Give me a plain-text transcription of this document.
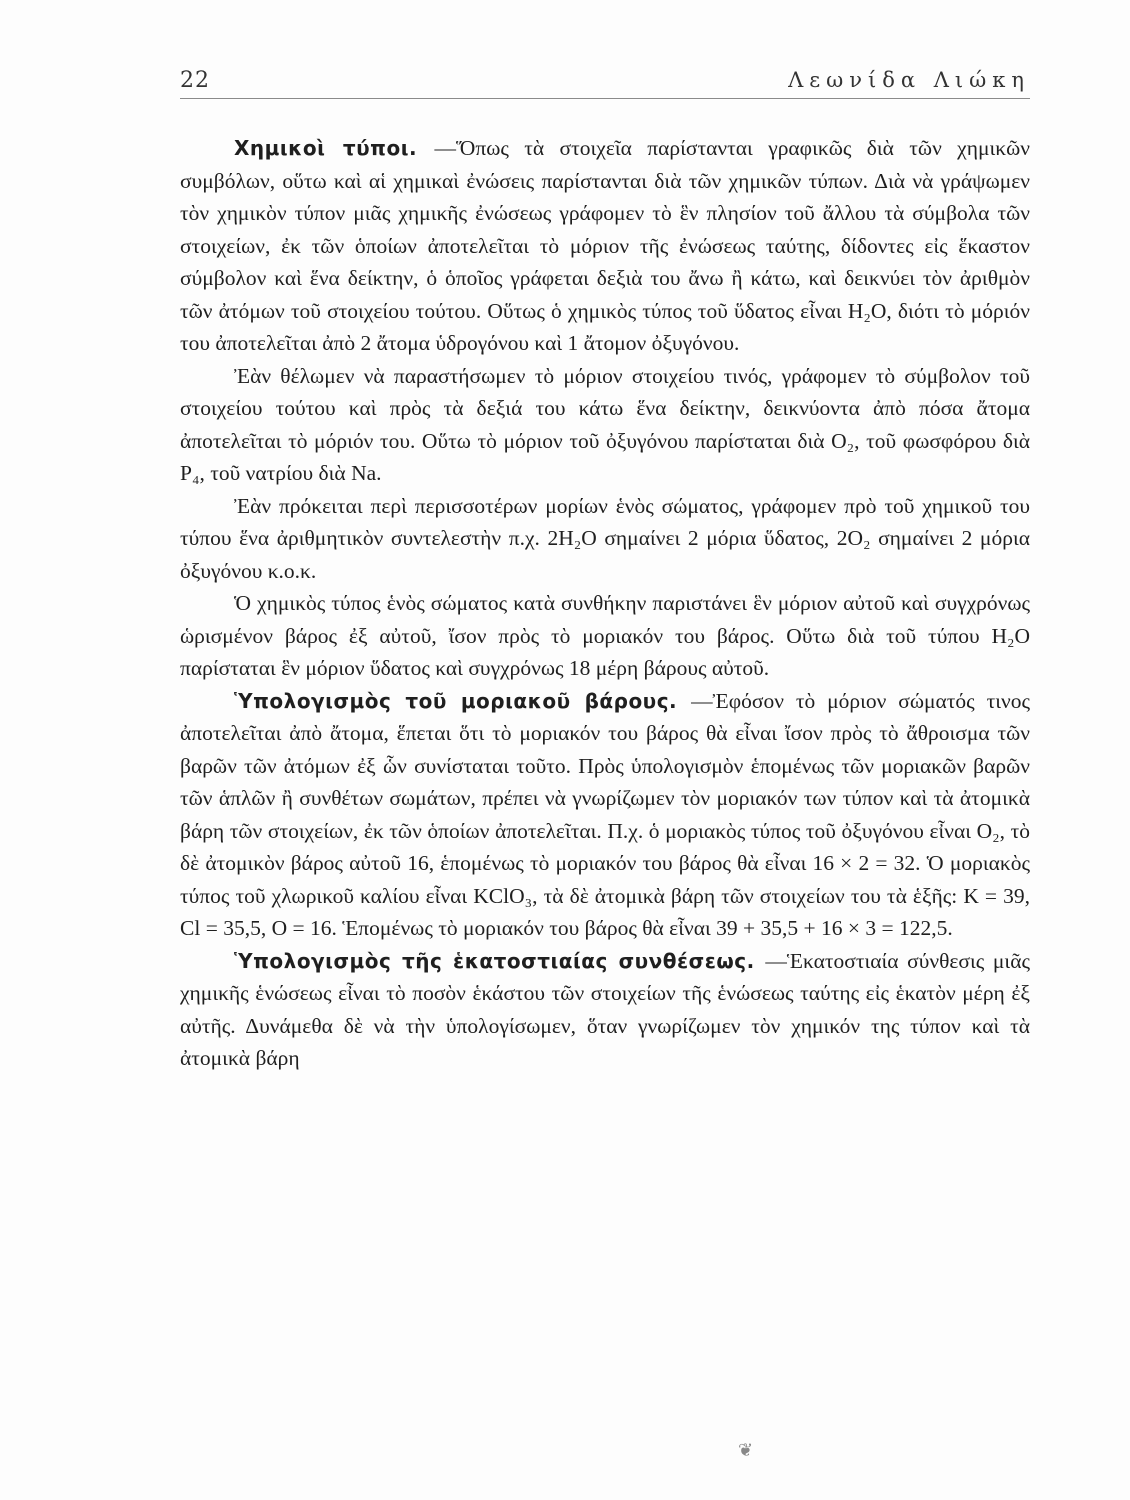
22	Λεωνίδα Λιώκη

Χημικοὶ τύποι. —Ὅπως τὰ στοιχεῖα παρίστανται γραφικῶς διὰ τῶν χημικῶν συμβόλων, οὕτω καὶ αἱ χημικαὶ ἐνώσεις παρίστανται διὰ τῶν χημικῶν τύπων. Διὰ νὰ γράψωμεν τὸν χημικὸν τύπον μιᾶς χημικῆς ἐνώσεως γράφομεν τὸ ἓν πλησίον τοῦ ἄλλου τὰ σύμβολα τῶν στοιχείων, ἐκ τῶν ὁποίων ἀποτελεῖται τὸ μόριον τῆς ἐνώσεως ταύτης, δίδοντες εἰς ἕκαστον σύμβολον καὶ ἕνα δείκτην, ὁ ὁποῖος γράφεται δεξιὰ του ἄνω ἢ κάτω, καὶ δεικνύει τὸν ἀριθμὸν τῶν ἀτόμων τοῦ στοιχείου τούτου. Οὕτως ὁ χημικὸς τύπος τοῦ ὕδατος εἶναι H₂O, διότι τὸ μόριόν του ἀποτελεῖται ἀπὸ 2 ἄτομα ὑδρογόνου καὶ 1 ἄτομον ὀξυγόνου.

Ἐὰν θέλωμεν νὰ παραστήσωμεν τὸ μόριον στοιχείου τινός, γράφομεν τὸ σύμβολον τοῦ στοιχείου τούτου καὶ πρὸς τὰ δεξιά του κάτω ἕνα δείκτην, δεικνύοντα ἀπὸ πόσα ἄτομα ἀποτελεῖται τὸ μόριόν του. Οὕτω τὸ μόριον τοῦ ὀξυγόνου παρίσταται διὰ O₂, τοῦ φωσφόρου διὰ P₄, τοῦ νατρίου διὰ Na.

Ἐὰν πρόκειται περὶ περισσοτέρων μορίων ἑνὸς σώματος, γράφομεν πρὸ τοῦ χημικοῦ του τύπου ἕνα ἀριθμητικὸν συντελεστὴν π.χ. 2H₂O σημαίνει 2 μόρια ὕδατος, 2O₂ σημαίνει 2 μόρια ὀξυγόνου κ.ο.κ.

Ὁ χημικὸς τύπος ἑνὸς σώματος κατὰ συνθήκην παριστάνει ἓν μόριον αὐτοῦ καὶ συγχρόνως ὡρισμένον βάρος ἐξ αὐτοῦ, ἴσον πρὸς τὸ μοριακόν του βάρος. Οὕτω διὰ τοῦ τύπου H₂O παρίσταται ἓν μόριον ὕδατος καὶ συγχρόνως 18 μέρη βάρους αὐτοῦ.

Ὑπολογισμὸς τοῦ μοριακοῦ βάρους. —Ἐφόσον τὸ μόριον σώματός τινος ἀποτελεῖται ἀπὸ ἄτομα, ἕπεται ὅτι τὸ μοριακόν του βάρος θὰ εἶναι ἴσον πρὸς τὸ ἄθροισμα τῶν βαρῶν τῶν ἀτόμων ἐξ ὧν συνίσταται τοῦτο. Πρὸς ὑπολογισμὸν ἑπομένως τῶν μοριακῶν βαρῶν τῶν ἁπλῶν ἢ συνθέτων σωμάτων, πρέπει νὰ γνωρίζωμεν τὸν μοριακόν των τύπον καὶ τὰ ἀτομικὰ βάρη τῶν στοιχείων, ἐκ τῶν ὁποίων ἀποτελεῖται. Π.χ. ὁ μοριακὸς τύπος τοῦ ὀξυγόνου εἶναι O₂, τὸ δὲ ἀτομικὸν βάρος αὐτοῦ 16, ἑπομένως τὸ μοριακόν του βάρος θὰ εἶναι 16 × 2 = 32. Ὁ μοριακὸς τύπος τοῦ χλωρικοῦ καλίου εἶναι KClO₃, τὰ δὲ ἀτομικὰ βάρη τῶν στοιχείων του τὰ ἑξῆς: K = 39, Cl = 35,5, O = 16. Ἑπομένως τὸ μοριακόν του βάρος θὰ εἶναι 39 + 35,5 + 16 × 3 = 122,5.

Ὑπολογισμὸς τῆς ἑκατοστιαίας συνθέσεως. —Ἑκατοστιαία σύνθεσις μιᾶς χημικῆς ἑνώσεως εἶναι τὸ ποσὸν ἑκάστου τῶν στοιχείων τῆς ἑνώσεως ταύτης εἰς ἑκατὸν μέρη ἐξ αὐτῆς. Δυνάμεθα δὲ νὰ τὴν ὑπολογίσωμεν, ὅταν γνωρίζωμεν τὸν χημικόν της τύπον καὶ τὰ ἀτομικὰ βάρη

❦
